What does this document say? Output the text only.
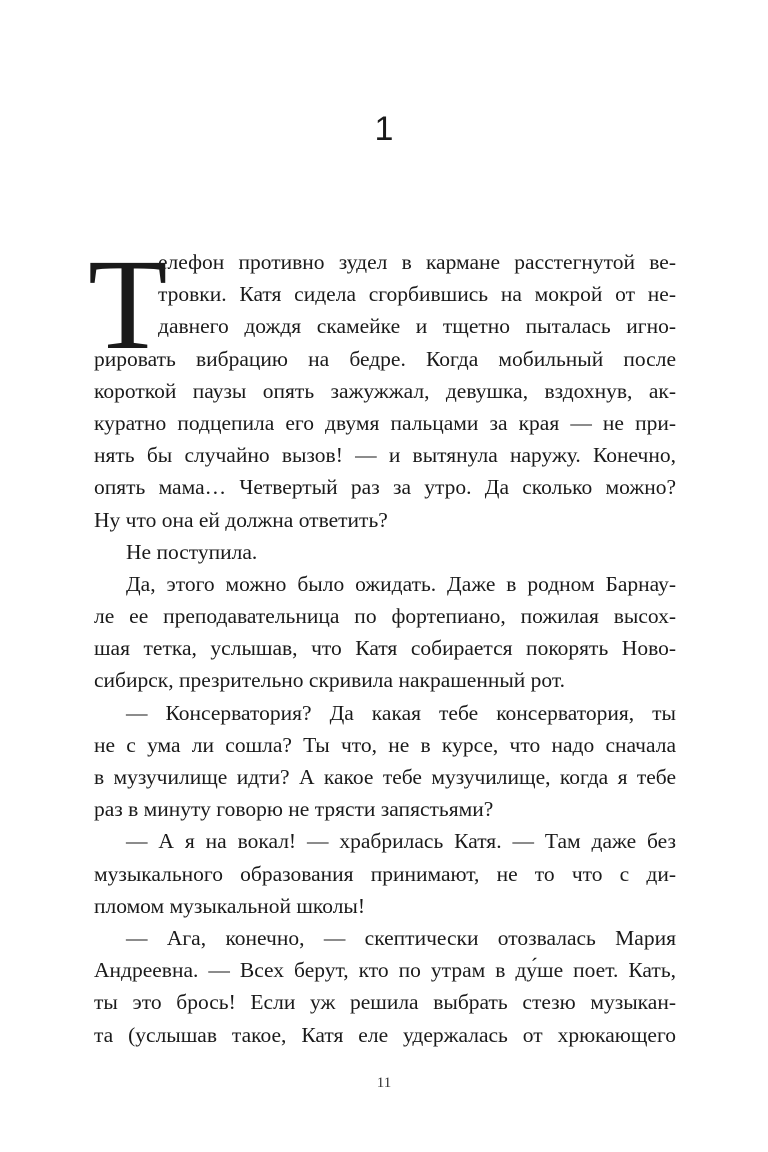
1
Т
елефон противно зудел в кармане расстегнутой ве-
тровки. Катя сидела сгорбившись на мокрой от не-
давнего дождя скамейке и тщетно пыталась игно-
рировать вибрацию на бедре. Когда мобильный после
короткой паузы опять зажужжал, девушка, вздохнув, ак-
куратно подцепила его двумя пальцами за края — не при-
нять бы случайно вызов! — и вытянула наружу. Конечно,
опять мама… Четвертый раз за утро. Да сколько можно?
Ну что она ей должна ответить?
Не поступила.
Да, этого можно было ожидать. Даже в родном Барнау-
ле ее преподавательница по фортепиано, пожилая высох-
шая тетка, услышав, что Катя собирается покорять Ново-
сибирск, презрительно скривила накрашенный рот.
— Консерватория? Да какая тебе консерватория, ты
не с ума ли сошла? Ты что, не в курсе, что надо сначала
в музучилище идти? А какое тебе музучилище, когда я тебе
раз в минуту говорю не трясти запястьями?
— А я на вокал! — храбрилась Катя. — Там даже без
музыкального образования принимают, не то что с ди-
пломом музыкальной школы!
— Ага, конечно, — скептически отозвалась Мария
Андреевна. — Всех берут, кто по утрам в ду́ше поет. Кать,
ты это брось! Если уж решила выбрать стезю музыкан-
та (услышав такое, Катя еле удержалась от хрюкающего
11
